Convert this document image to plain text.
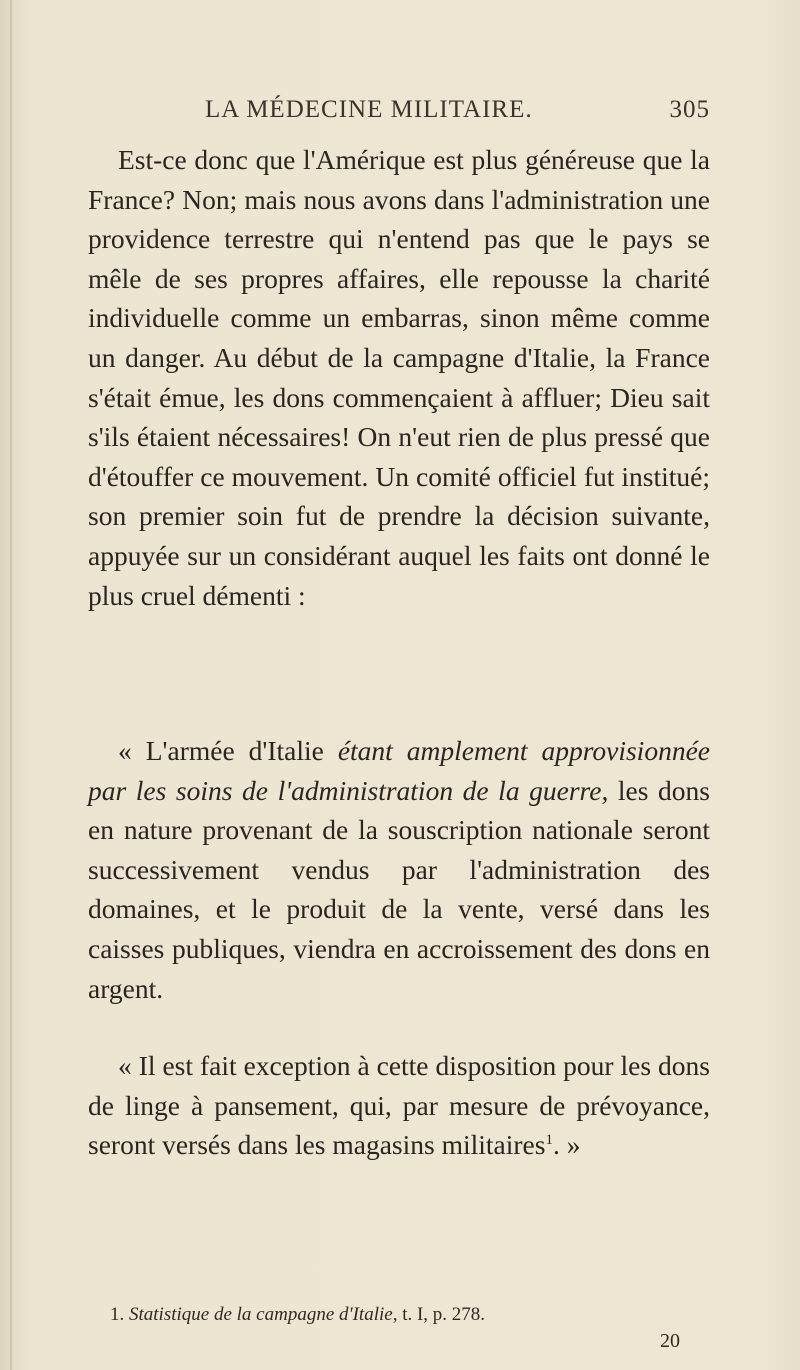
LA MÉDECINE MILITAIRE.	305

Est-ce donc que l'Amérique est plus généreuse que la France? Non; mais nous avons dans l'administration une providence terrestre qui n'entend pas que le pays se mêle de ses propres affaires, elle repousse la charité individuelle comme un embarras, sinon même comme un danger. Au début de la campagne d'Italie, la France s'était émue, les dons commençaient à affluer; Dieu sait s'ils étaient nécessaires! On n'eut rien de plus pressé que d'étouffer ce mouvement. Un comité officiel fut institué; son premier soin fut de prendre la décision suivante, appuyée sur un considérant auquel les faits ont donné le plus cruel démenti :

« L'armée d'Italie étant amplement approvisionnée par les soins de l'administration de la guerre, les dons en nature provenant de la souscription nationale seront successivement vendus par l'administration des domaines, et le produit de la vente, versé dans les caisses publiques, viendra en accroissement des dons en argent.

« Il est fait exception à cette disposition pour les dons de linge à pansement, qui, par mesure de prévoyance, seront versés dans les magasins militaires$^1$. »

1. Statistique de la campagne d'Italie, t. I, p. 278.
20
